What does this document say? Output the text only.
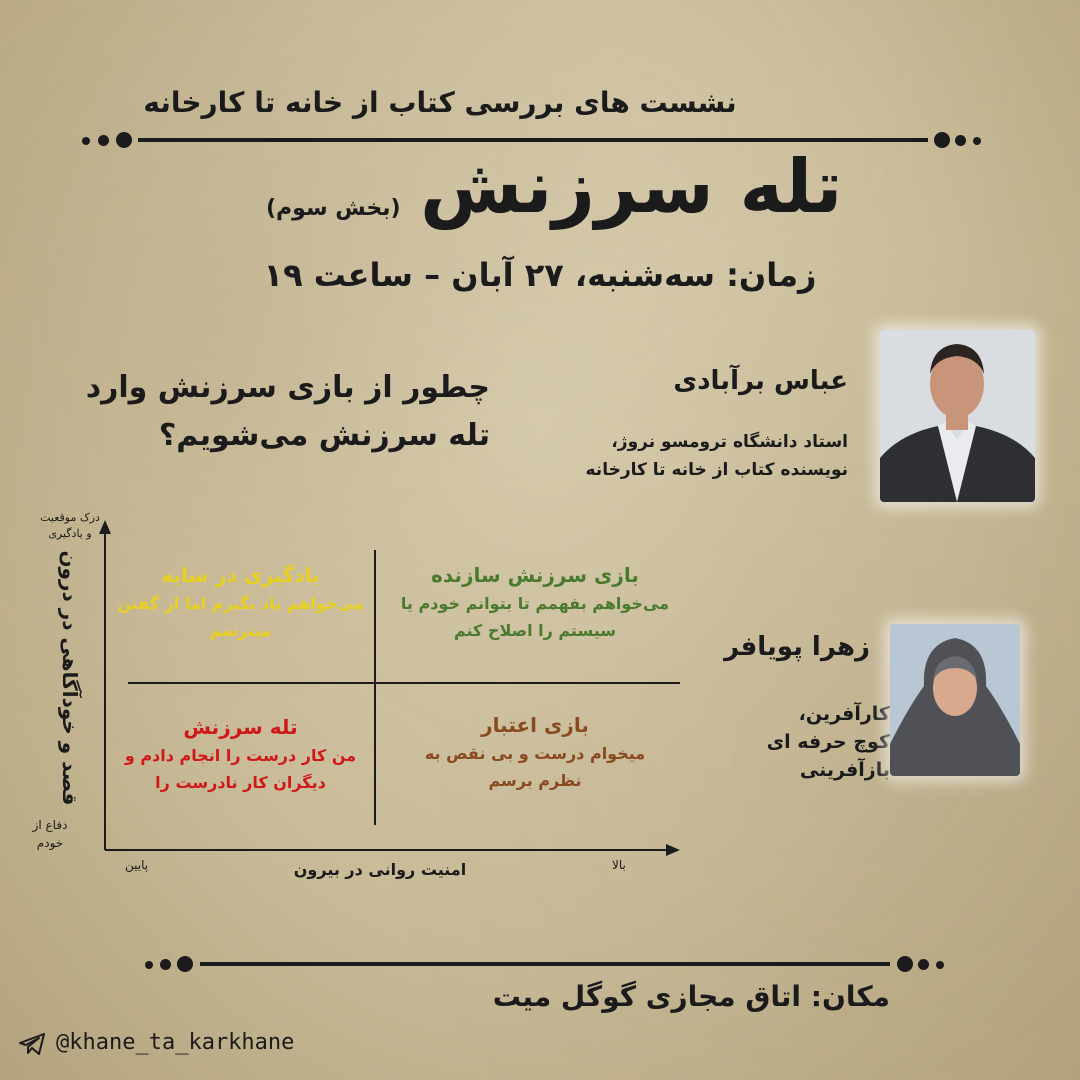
نشست های بررسی کتاب از خانه تا کارخانه
تله سرزنش
(بخش سوم)
زمان: سه‌شنبه، ۲۷ آبان – ساعت ۱۹
چطور از بازی سرزنش وارد
تله سرزنش می‌شویم؟
عباس برآبادی
استاد دانشگاه ترومسو نروژ،
نویسنده کتاب از خانه تا کارخانه
زهرا پویافر
کارآفرین،
کوچ حرفه ای
بازآفرینی
درک موقعیت
و یادگیری
دفاع از
خودم
قصد و خودآگاهی در درون
پایین	بالا
امنیت روانی در بیرون
بازی سرزنش سازنده
می‌خواهم بفهمم تا بتوانم خودم یا
سیستم را اصلاح کنم
یادگیری در سایه
می‌خواهم یاد بگیرم اما از گفتن
میترسم
تله سرزنش
من کار درست را انجام دادم و
دیگران کار نادرست را
بازی اعتبار
میخوام درست و بی نقص به
نظرم برسم
مکان: اتاق مجازی گوگل میت
@khane_ta_karkhane
